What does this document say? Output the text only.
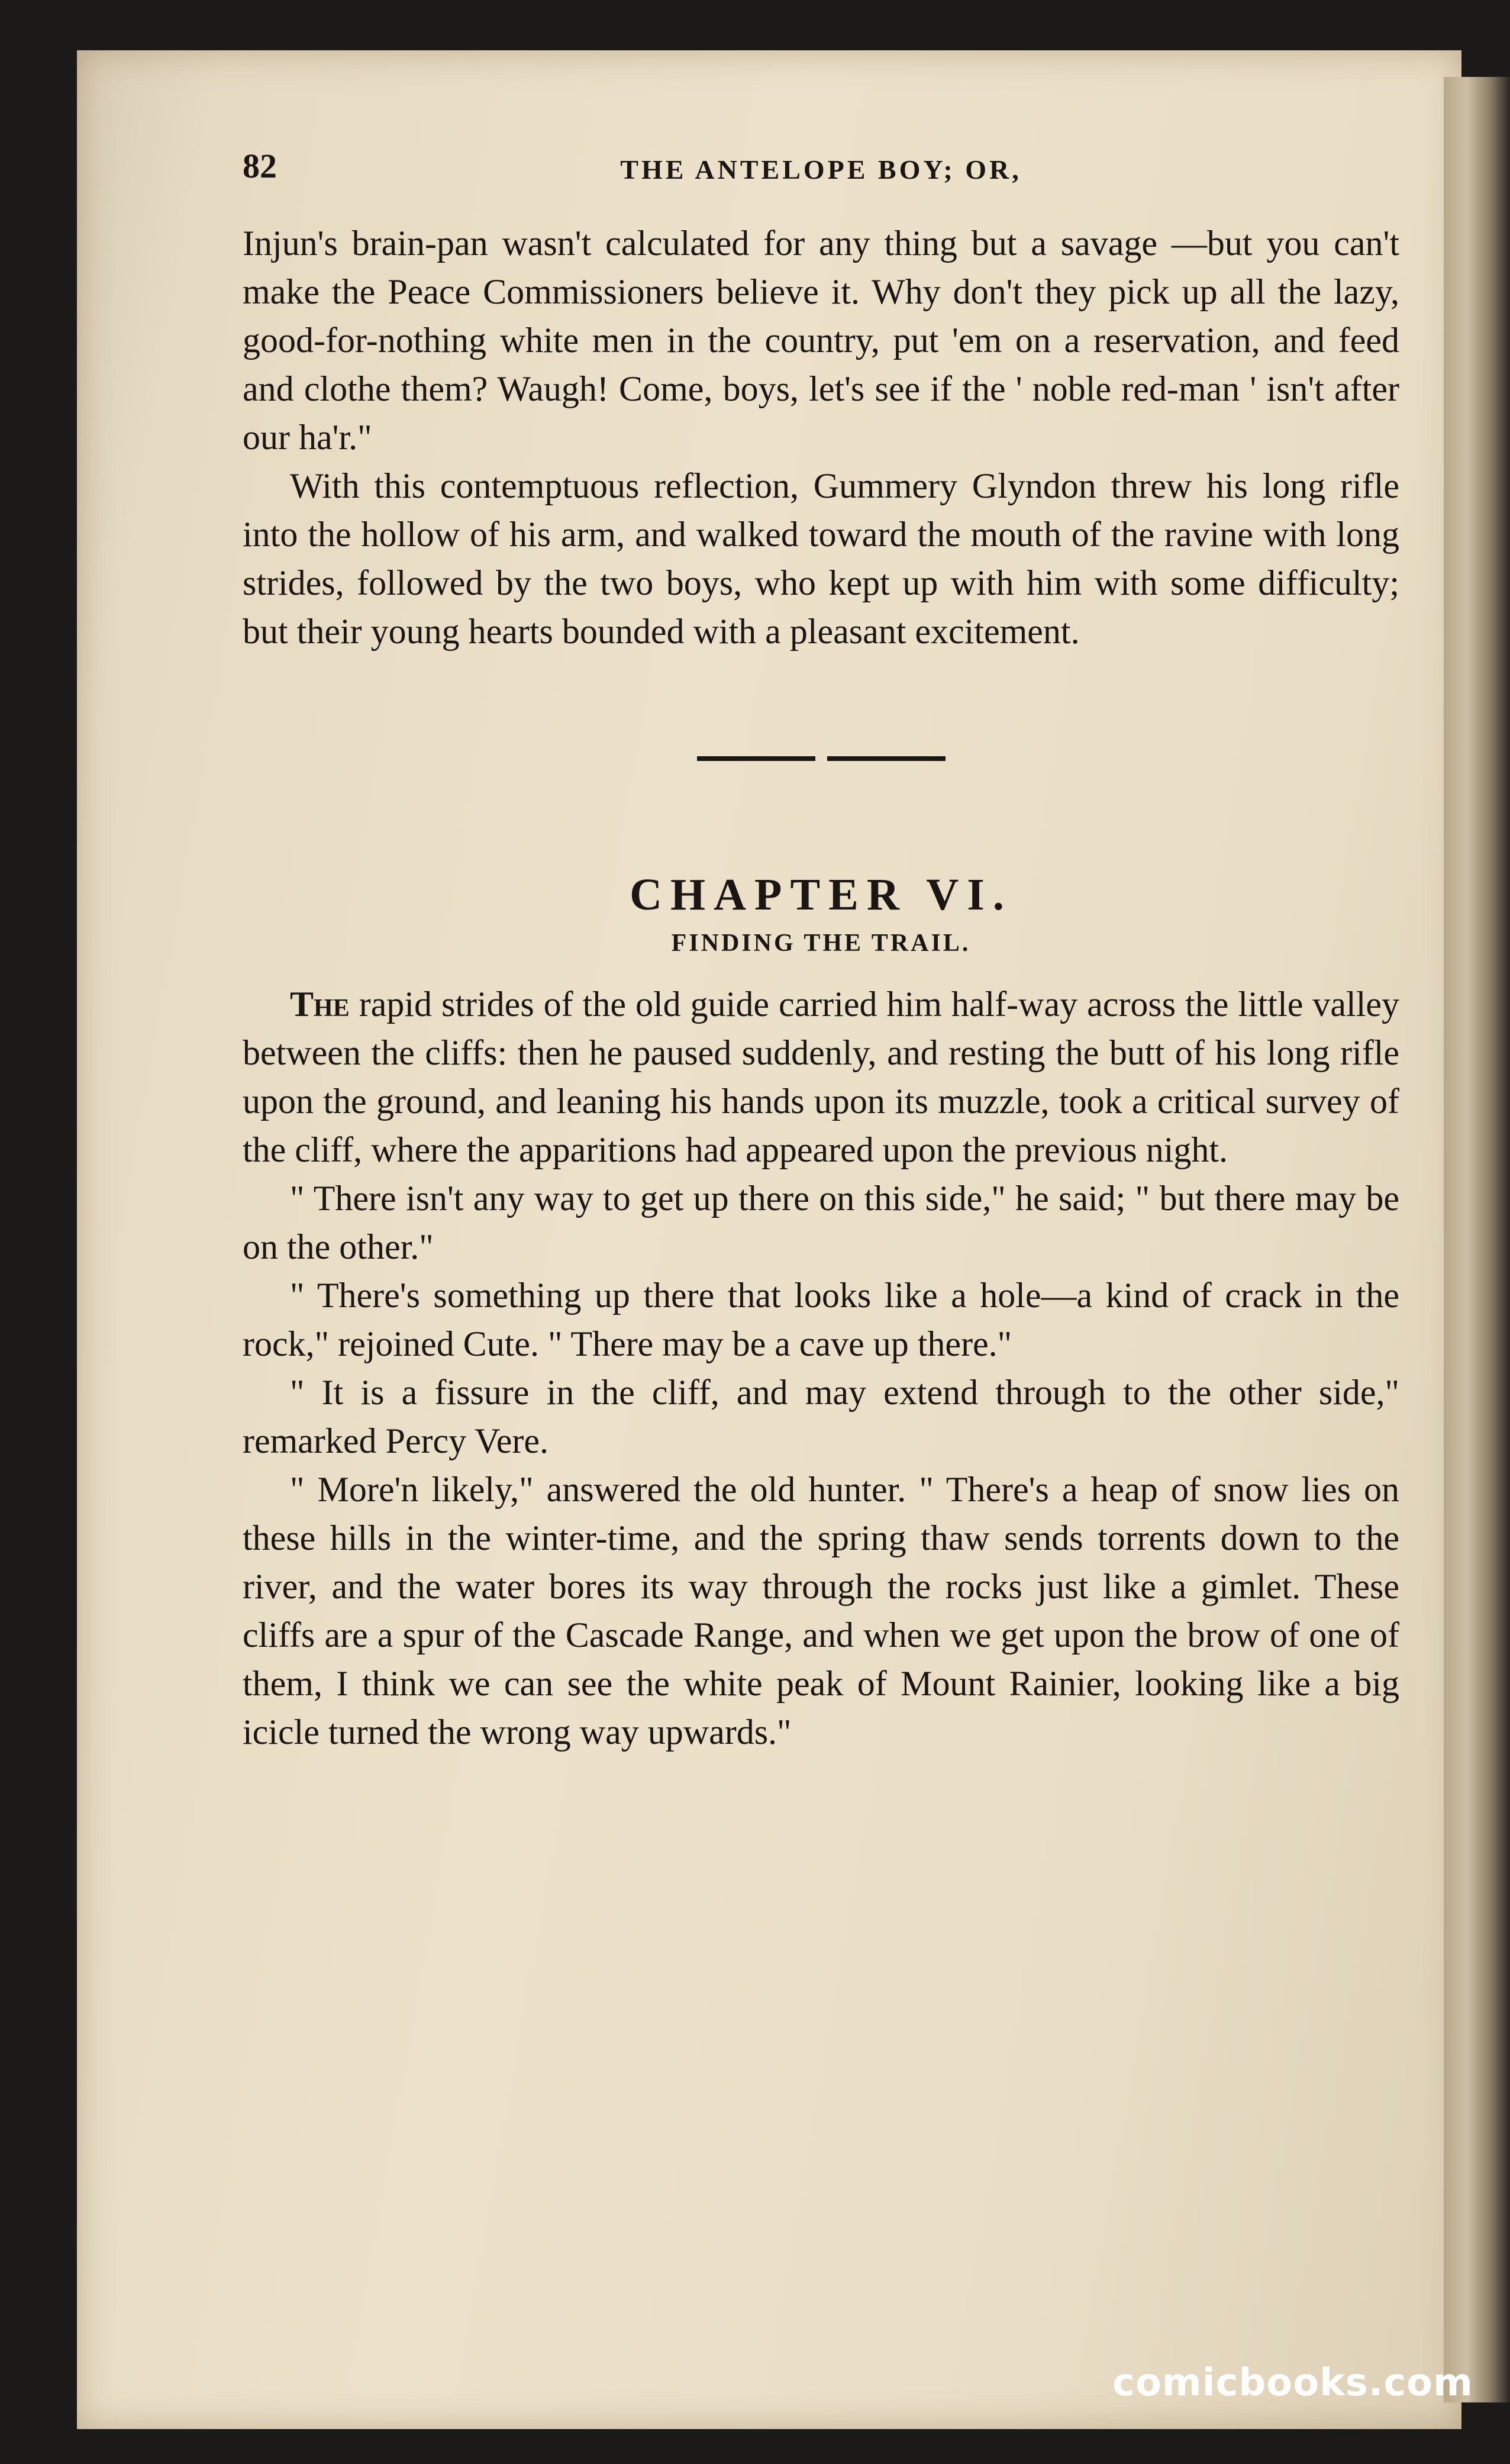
82	THE ANTELOPE BOY; OR,

Injun's brain-pan wasn't calculated for any thing but a savage —but you can't make the Peace Commissioners believe it. Why don't they pick up all the lazy, good-for-nothing white men in the country, put 'em on a reservation, and feed and clothe them? Waugh! Come, boys, let's see if the ' noble red-man ' isn't after our ha'r."

With this contemptuous reflection, Gummery Glyndon threw his long rifle into the hollow of his arm, and walked toward the mouth of the ravine with long strides, followed by the two boys, who kept up with him with some difficulty; but their young hearts bounded with a pleasant excitement.

CHAPTER VI.
FINDING THE TRAIL.

The rapid strides of the old guide carried him half-way across the little valley between the cliffs: then he paused suddenly, and resting the butt of his long rifle upon the ground, and leaning his hands upon its muzzle, took a critical survey of the cliff, where the apparitions had appeared upon the previous night.

" There isn't any way to get up there on this side," he said; " but there may be on the other."

" There's something up there that looks like a hole—a kind of crack in the rock," rejoined Cute. " There may be a cave up there."

" It is a fissure in the cliff, and may extend through to the other side," remarked Percy Vere.

" More'n likely," answered the old hunter. " There's a heap of snow lies on these hills in the winter-time, and the spring thaw sends torrents down to the river, and the water bores its way through the rocks just like a gimlet. These cliffs are a spur of the Cascade Range, and when we get upon the brow of one of them, I think we can see the white peak of Mount Rainier, looking like a big icicle turned the wrong way upwards."

comicbooks.com
